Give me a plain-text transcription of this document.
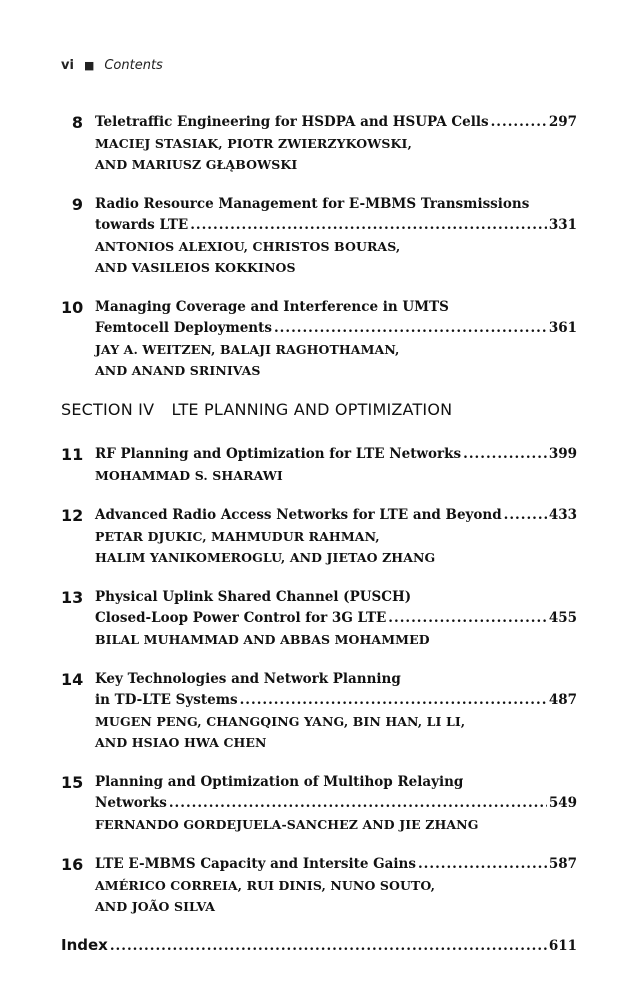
vi ■ Contents
8 Teletraffic Engineering for HSDPA and HSUPA Cells .....	297
MACIEJ STASIAK, PIOTR ZWIERZYKOWSKI,
AND MARIUSZ GŁĄBOWSKI
9 Radio Resource Management for E-MBMS Transmissions
towards LTE .....	331
ANTONIOS ALEXIOU, CHRISTOS BOURAS,
AND VASILEIOS KOKKINOS
10 Managing Coverage and Interference in UMTS
Femtocell Deployments .....	361
JAY A. WEITZEN, BALAJI RAGHOTHAMAN,
AND ANAND SRINIVAS
SECTION IV LTE PLANNING AND OPTIMIZATION
11 RF Planning and Optimization for LTE Networks .....	399
MOHAMMAD S. SHARAWI
12 Advanced Radio Access Networks for LTE and Beyond .....	433
PETAR DJUKIC, MAHMUDUR RAHMAN,
HALIM YANIKOMEROGLU, AND JIETAO ZHANG
13 Physical Uplink Shared Channel (PUSCH)
Closed-Loop Power Control for 3G LTE .....	455
BILAL MUHAMMAD AND ABBAS MOHAMMED
14 Key Technologies and Network Planning
in TD-LTE Systems .....	487
MUGEN PENG, CHANGQING YANG, BIN HAN, LI LI,
AND HSIAO HWA CHEN
15 Planning and Optimization of Multihop Relaying
Networks .....	549
FERNANDO GORDEJUELA-SANCHEZ AND JIE ZHANG
16 LTE E-MBMS Capacity and Intersite Gains .....	587
AMÉRICO CORREIA, RUI DINIS, NUNO SOUTO,
AND JOÃO SILVA
Index .....	611
